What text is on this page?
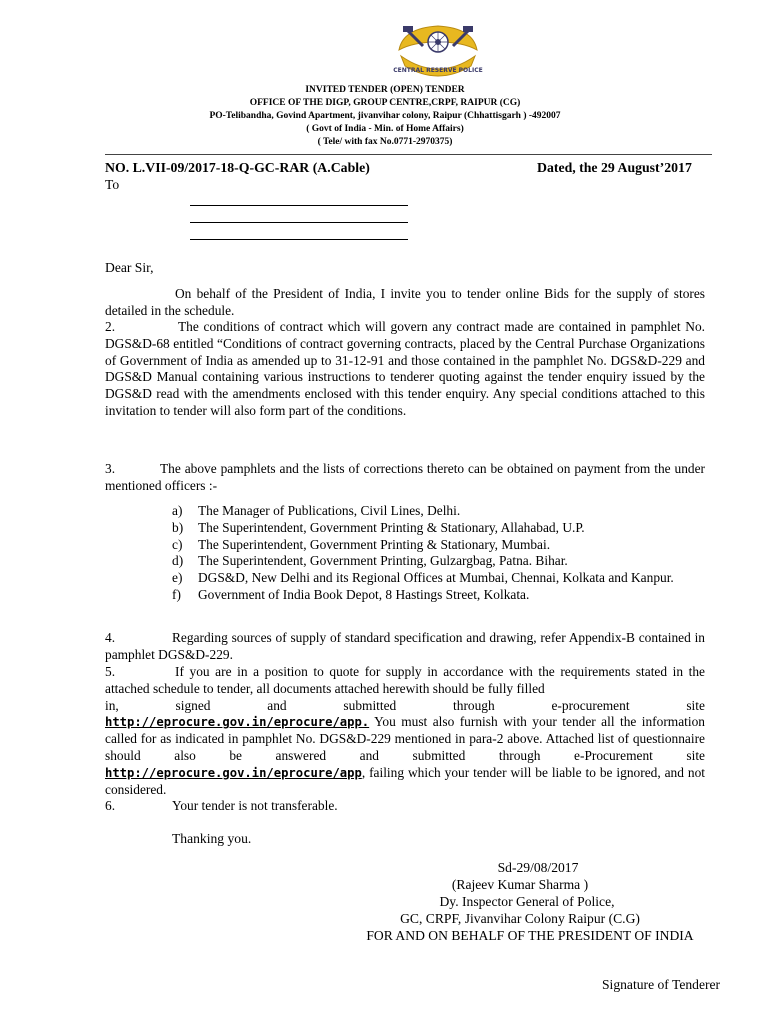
CENTRAL RESERVE POLICE
INVITED TENDER (OPEN) TENDER
OFFICE OF THE DIGP, GROUP CENTRE,CRPF, RAIPUR (CG)
PO-Telibandha, Govind Apartment, jivanvihar colony, Raipur (Chhattisgarh ) -492007
( Govt of India - Min. of Home Affairs)
( Tele/ with fax No.0771-2970375)
NO. L.VII-09/2017-18-Q-GC-RAR (A.Cable)	Dated, the 29 August’2017
To
Dear Sir,
On behalf of the President of India, I invite you to tender online Bids for the supply of stores detailed in the schedule.
2.	The conditions of contract which will govern any contract made are contained in pamphlet No. DGS&D-68 entitled “Conditions of contract governing contracts, placed by the Central Purchase Organizations of Government of India as amended up to 31-12-91 and those contained in the pamphlet No. DGS&D-229 and DGS&D Manual containing various instructions to tenderer quoting against the tender enquiry issued by the DGS&D read with the amendments enclosed with this tender enquiry. Any special conditions attached to this invitation to tender will also form part of the conditions.
3.	The above pamphlets and the lists of corrections thereto can be obtained on payment from the under mentioned officers :-
a)	The Manager of Publications, Civil Lines, Delhi.
b)	The Superintendent, Government Printing & Stationary, Allahabad, U.P.
c)	The Superintendent, Government Printing & Stationary, Mumbai.
d)	The Superintendent, Government Printing, Gulzargbag, Patna. Bihar.
e)	DGS&D, New Delhi and its Regional Offices at Mumbai, Chennai, Kolkata and Kanpur.
f)	Government of India Book Depot, 8 Hastings Street, Kolkata.
4.	Regarding sources of supply of standard specification and drawing, refer Appendix-B contained in pamphlet DGS&D-229.
5.	If you are in a position to quote for supply in accordance with the requirements stated in the attached schedule to tender, all documents attached herewith should be fully filled
in,	signed	and	submitted	through	e-procurement	site
http://eprocure.gov.in/eprocure/app. You must also furnish with your tender all the information called for as indicated in pamphlet No. DGS&D-229 mentioned in para-2 above. Attached list of questionnaire should also be answered and submitted through e-Procurement site http://eprocure.gov.in/eprocure/app, failing which your tender will be liable to be ignored, and not considered.
6.	Your tender is not transferable.
Thanking you.
Sd-29/08/2017
(Rajeev Kumar Sharma )
Dy. Inspector General of Police,
GC, CRPF, Jivanvihar Colony Raipur (C.G)
FOR AND ON BEHALF OF THE PRESIDENT OF INDIA
Signature of Tenderer
